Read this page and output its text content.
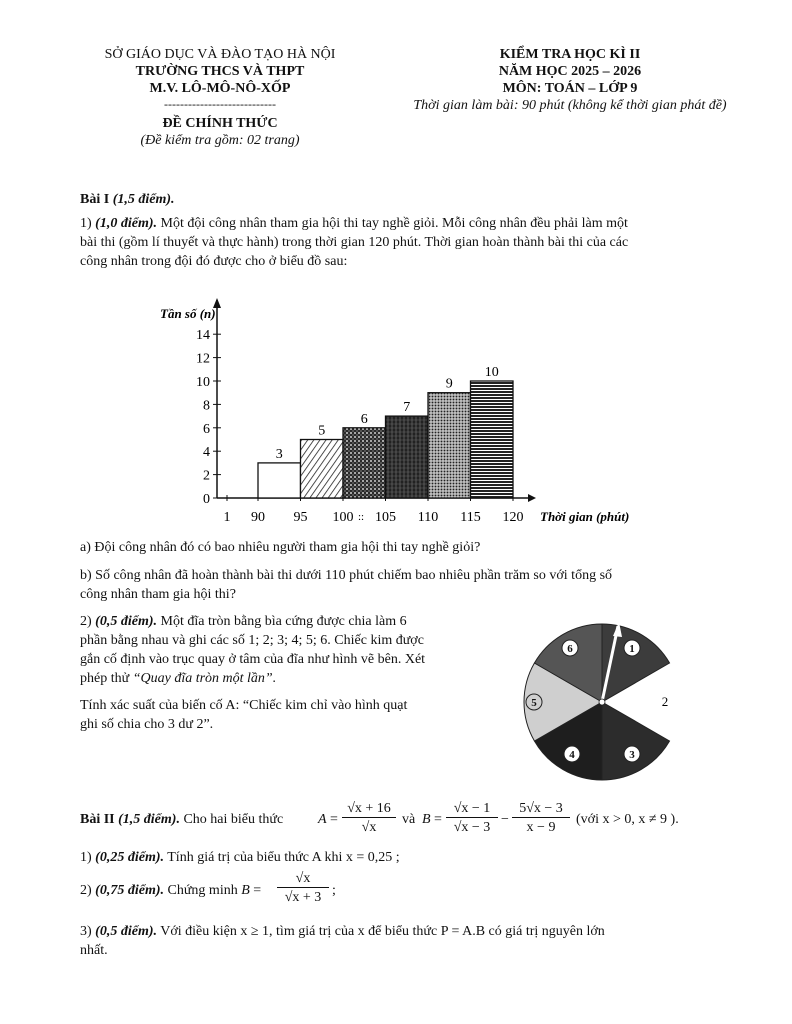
SỞ GIÁO DỤC VÀ ĐÀO TẠO HÀ NỘI
TRƯỜNG THCS VÀ THPT
M.V. LÔ-MÔ-NÔ-XỐP
----------------------------
ĐỀ CHÍNH THỨC
(Đề kiểm tra gồm: 02 trang)
KIỂM TRA HỌC KÌ II
NĂM HỌC 2025 – 2026
MÔN: TOÁN – LỚP 9
Thời gian làm bài: 90 phút (không kể thời gian phát đề)
Bài I (1,5 điểm).
1) (1,0 điểm). Một đội công nhân tham gia hội thi tay nghề giỏi. Mỗi công nhân đều phải làm một
bài thi (gồm lí thuyết và thực hành) trong thời gian 120 phút. Thời gian hoàn thành bài thi của các
công nhân trong đội đó được cho ở biểu đồ sau:
0
2
4
6
8
10
12
14
1 90 95 100 105 110 115 120
::
3
5
6
7
9
10
Tần số (n)
Thời gian (phút)
a) Đội công nhân đó có bao nhiêu người tham gia hội thi tay nghề giỏi?
b) Số công nhân đã hoàn thành bài thi dưới 110 phút chiếm bao nhiêu phần trăm so với tổng số
công nhân tham gia hội thi?
2) (0,5 điểm). Một đĩa tròn bằng bìa cứng được chia làm 6
phần bằng nhau và ghi các số 1; 2; 3; 4; 5; 6. Chiếc kim được
gắn cố định vào trục quay ở tâm của đĩa như hình vẽ bên. Xét
phép thử “Quay đĩa tròn một lần”.
Tính xác suất của biến cố A: “Chiếc kim chỉ vào hình quạt
ghi số chia cho 3 dư 2”.
1
2
3
4
5
6
Bài II (1,5 điểm). Cho hai biểu thức $A = \frac{√x + 16}{√x}$ và $B = \frac{√x - 1}{√x - 3} - \frac{5√x - 3}{x - 9}$ (với x > 0, x ≠ 9 ).
1) (0,25 điểm). Tính giá trị của biểu thức A khi x = 0,25 ;
2) (0,75 điểm). Chứng minh $B = \frac{√x}{√x + 3}$ ;
3) (0,5 điểm). Với điều kiện x ≥ 1, tìm giá trị của x để biểu thức P = A.B có giá trị nguyên lớn
nhất.
